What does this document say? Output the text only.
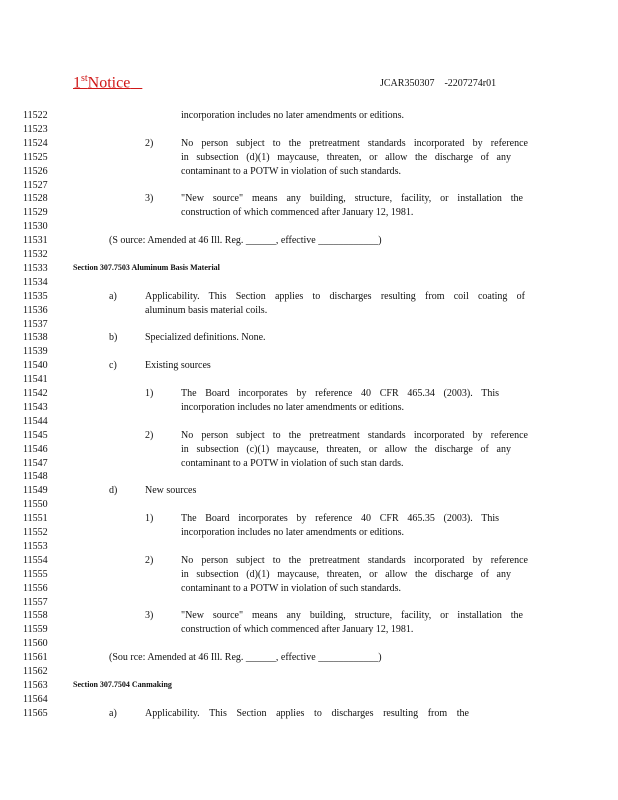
1stNotice	JCAR350307    -2207274r01
11522	incorporation includes no later amendments or editions.
11523
11524	2)	No person subject to the pretreatment standards incorporated by reference
11525	in subsection (d)(1) maycause, threaten, or allow the discharge of any
11526	contaminant to a POTW in violation of such standards.
11527
11528	3)	"New source" means any building, structure, facility, or installation the
11529	construction of which commenced after January 12, 1981.
11530
11531	(S ource: Amended at 46 Ill. Reg. ______, effective ____________)
11532
11533	Section 307.7503 Aluminum Basis Material
11534
11535	a)	Applicability. This Section applies to discharges resulting from coil coating of
11536	aluminum basis material coils.
11537
11538	b)	Specialized definitions. None.
11539
11540	c)	Existing sources
11541
11542	1)	The Board incorporates by reference 40 CFR 465.34 (2003). This
11543	incorporation includes no later amendments or editions.
11544
11545	2)	No person subject to the pretreatment standards incorporated by reference
11546	in subsection (c)(1) maycause, threaten, or allow the discharge of any
11547	contaminant to a POTW in violation of such stan dards.
11548
11549	d)	New sources
11550
11551	1)	The Board incorporates by reference 40 CFR 465.35 (2003). This
11552	incorporation includes no later amendments or editions.
11553
11554	2)	No person subject to the pretreatment standards incorporated by reference
11555	in subsection (d)(1) maycause, threaten, or allow the discharge of any
11556	contaminant to a POTW in violation of such standards.
11557
11558	3)	"New source" means any building, structure, facility, or installation the
11559	construction of which commenced after January 12, 1981.
11560
11561	(Sou rce: Amended at 46 Ill. Reg. ______, effective ____________)
11562
11563	Section 307.7504 Canmaking
11564
11565	a)	Applicability. This Section applies to discharges resulting from the
